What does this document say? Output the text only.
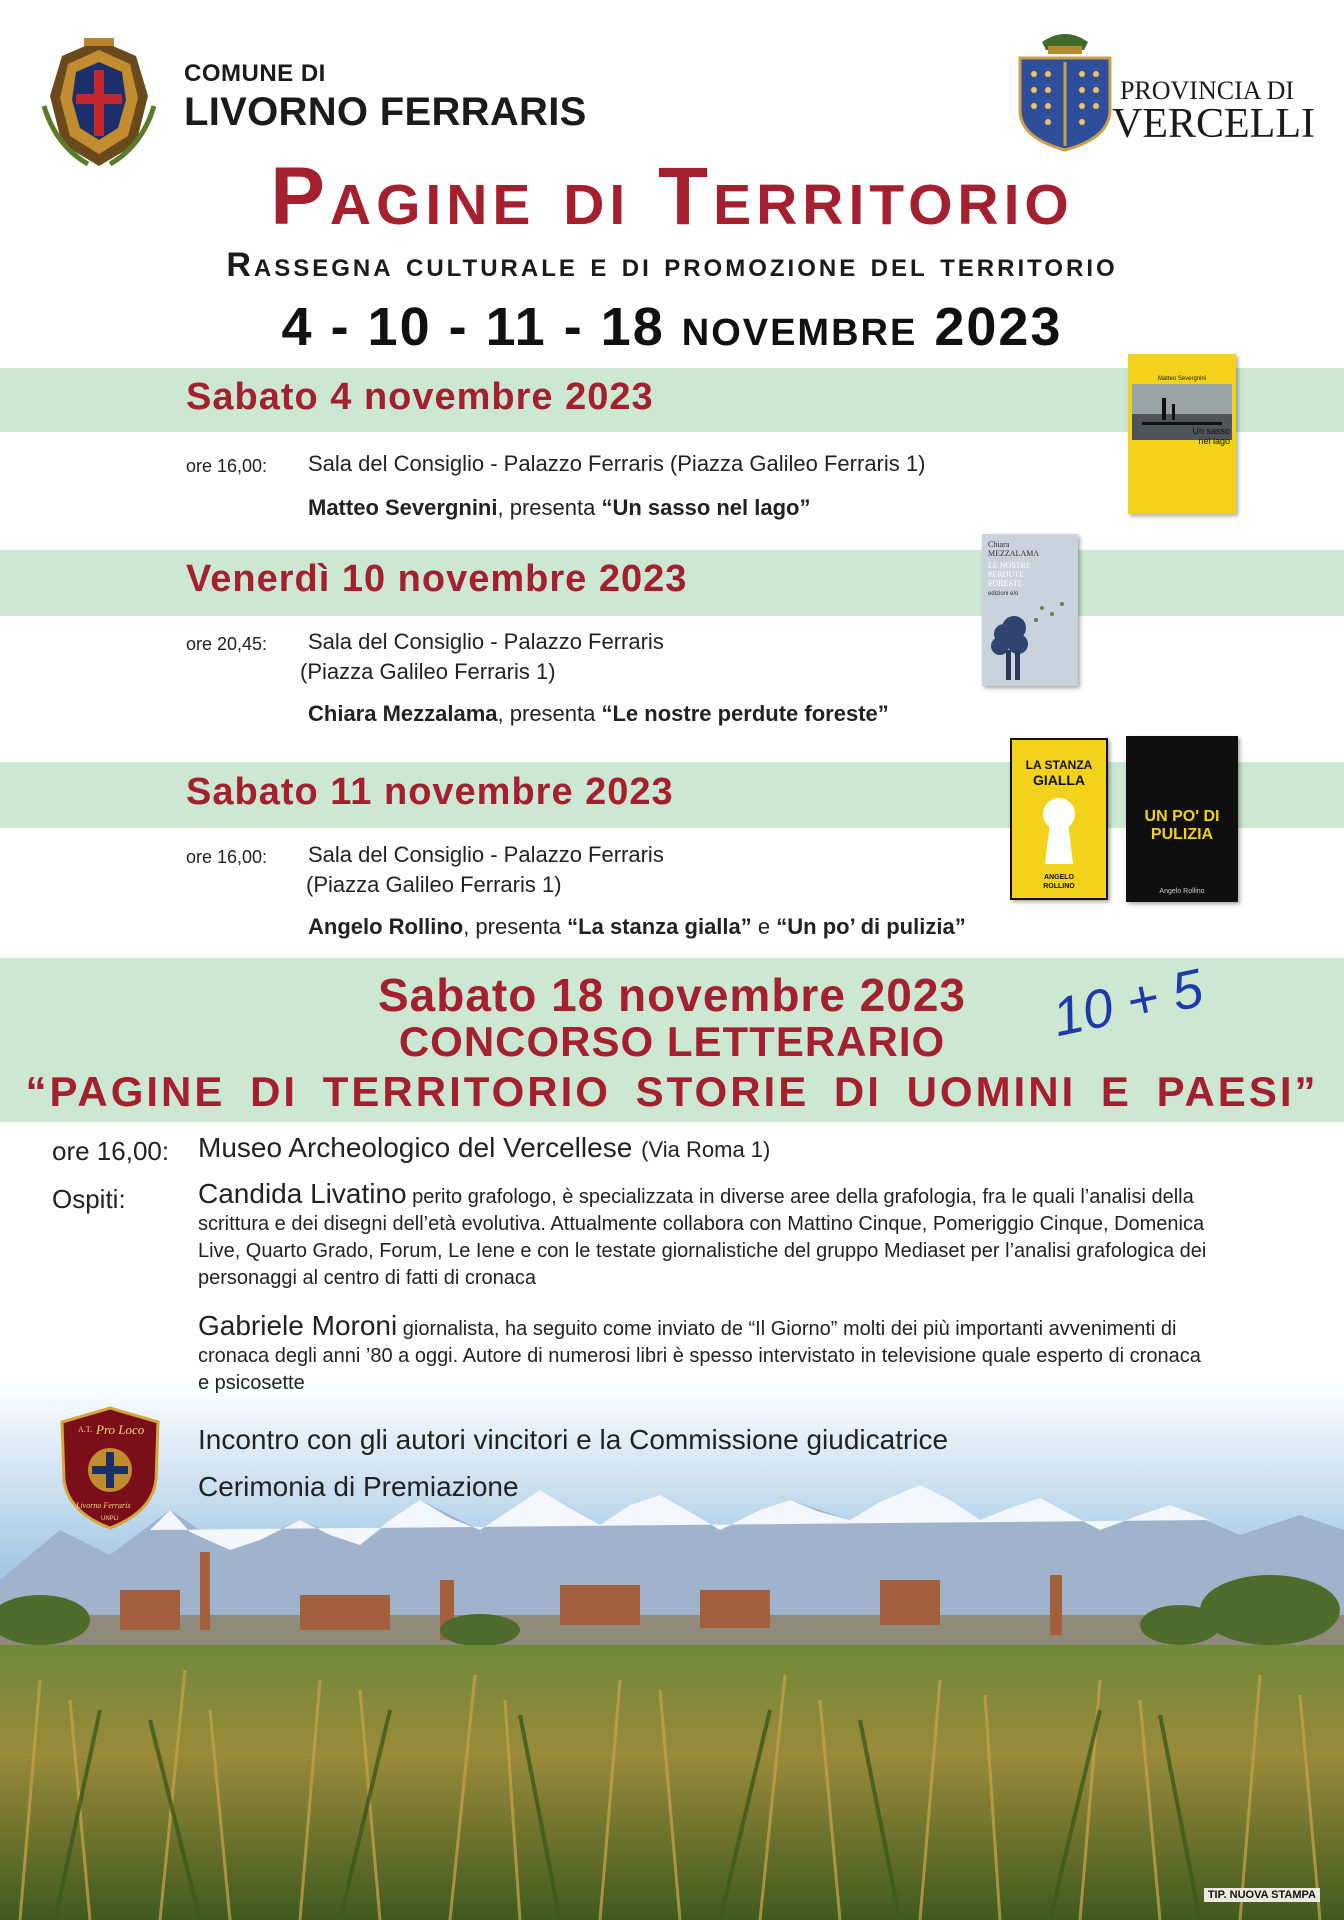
COMUNE DI
LIVORNO FERRARIS	PROVINCIA DI
VERCELLI
Pagine di Territorio
Rassegna culturale e di promozione del territorio
4 - 10 - 11 - 18 novembre 2023
Sabato 4 novembre 2023
ore 16,00: Sala del Consiglio - Palazzo Ferraris (Piazza Galileo Ferraris 1)
Matteo Severgnini, presenta “Un sasso nel lago”
Matteo Severgnini
Un sasso
nel lago
Venerdì 10 novembre 2023
ore 20,45: Sala del Consiglio - Palazzo Ferraris
(Piazza Galileo Ferraris 1)
Chiara Mezzalama, presenta “Le nostre perdute foreste”
Chiara
MEZZALAMA
LE NOSTRE
PERDUTE
FORESTE
edizioni e/o
Sabato 11 novembre 2023
ore 16,00: Sala del Consiglio - Palazzo Ferraris
(Piazza Galileo Ferraris 1)
Angelo Rollino, presenta “La stanza gialla” e “Un po’ di pulizia”
LA STANZA
GIALLA
ANGELO
ROLLINO
UN PO' DI
PULIZIA
Angelo Rollino
Sabato 18 novembre 2023
CONCORSO LETTERARIO
“PAGINE DI TERRITORIO STORIE DI UOMINI E PAESI”
10 + 5
ore 16,00: Museo Archeologico del Vercellese (Via Roma 1)
Ospiti:	Candida Livatino perito grafologo, è specializzata in diverse aree della grafologia, fra le quali l’analisi della
scrittura e dei disegni dell’età evolutiva. Attualmente collabora con Mattino Cinque, Pomeriggio Cinque, Domenica
Live, Quarto Grado, Forum, Le Iene e con le testate giornalistiche del gruppo Mediaset per l’analisi grafologica dei
personaggi al centro di fatti di cronaca
Gabriele Moroni giornalista, ha seguito come inviato de “Il Giorno” molti dei più importanti avvenimenti di
cronaca degli anni ’80 a oggi. Autore di numerosi libri è spesso intervistato in televisione quale esperto di cronaca
e psicosette
A.T. Pro Loco
Livorno Ferraris
UNPLI
Incontro con gli autori vincitori e la Commissione giudicatrice
Cerimonia di Premiazione
TIP. NUOVA STAMPA
